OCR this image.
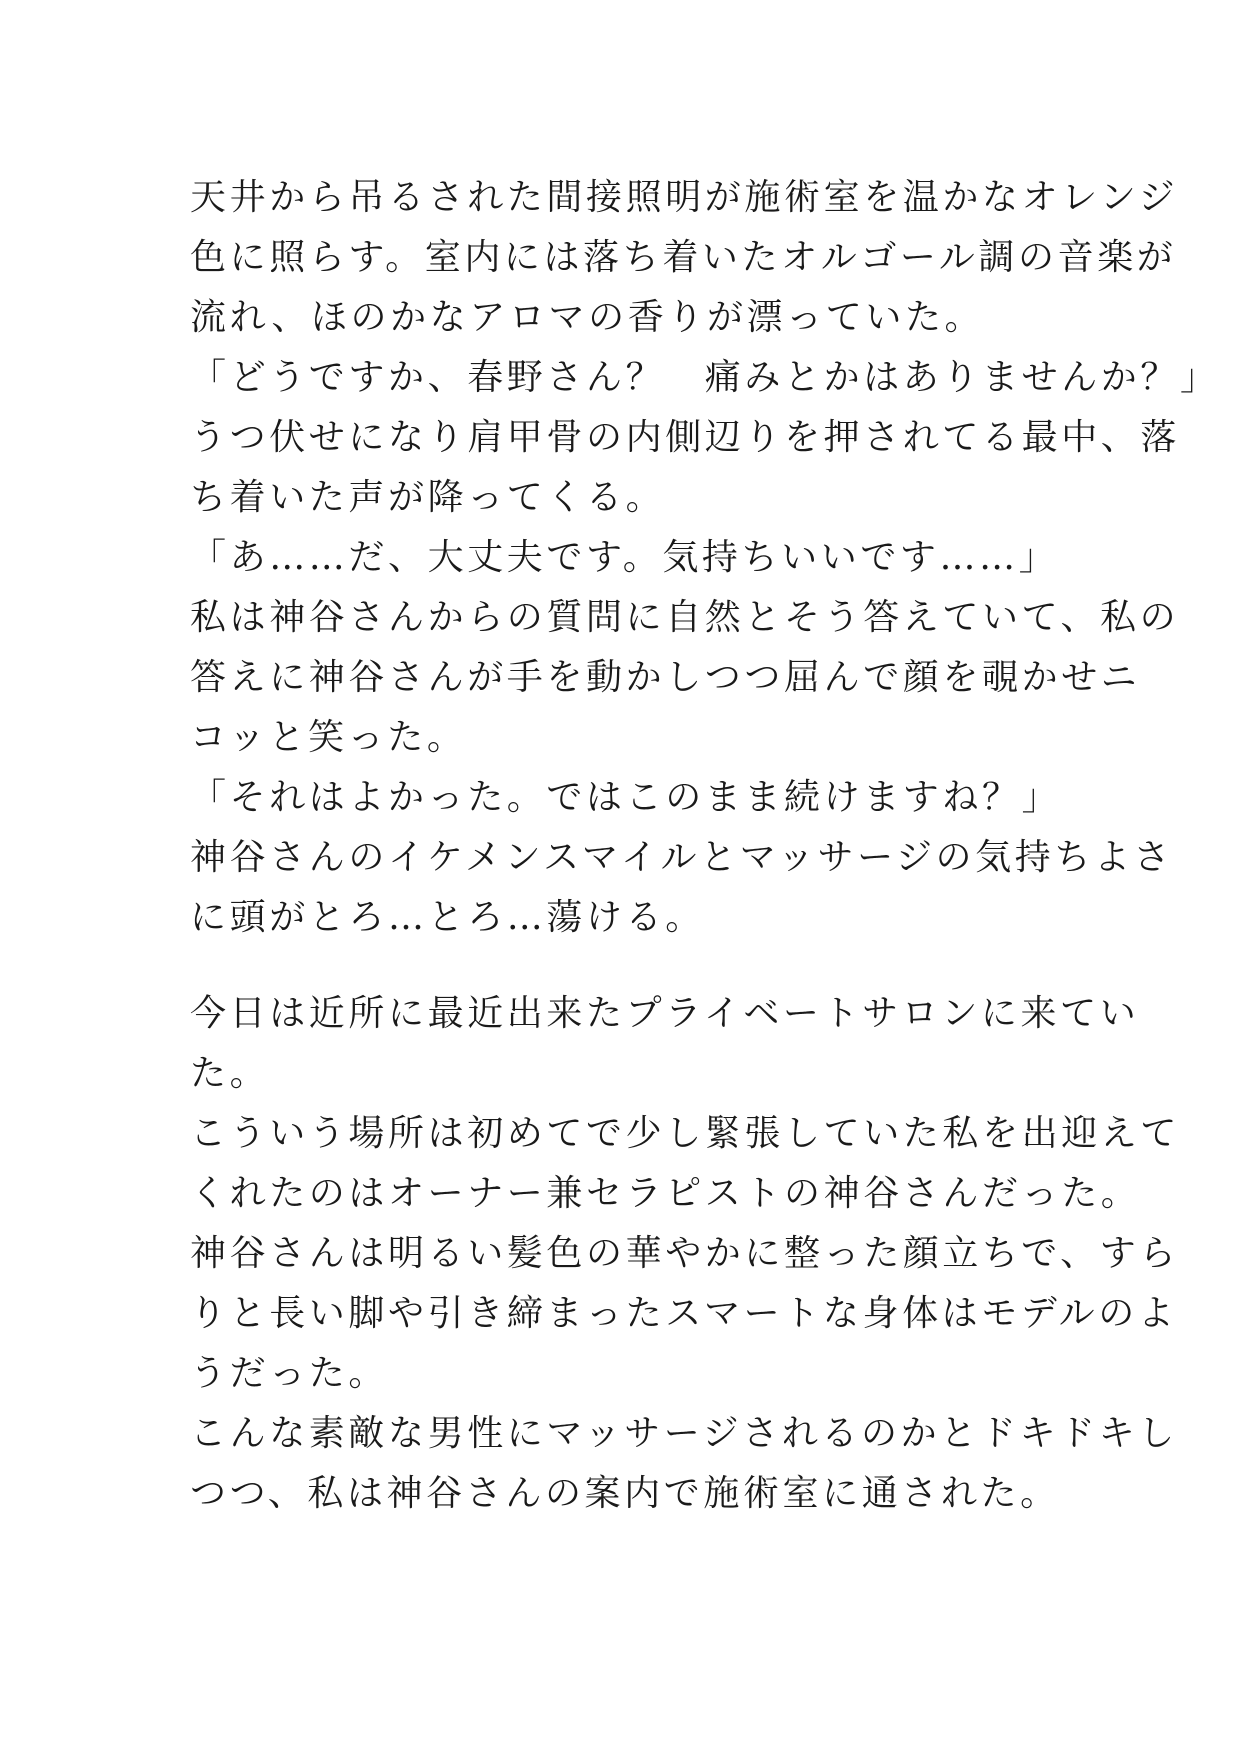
天井から吊るされた間接照明が施術室を温かなオレンジ
色に照らす。室内には落ち着いたオルゴール調の音楽が
流れ、ほのかなアロマの香りが漂っていた。
「どうですか、春野さん？　痛みとかはありませんか？」
うつ伏せになり肩甲骨の内側辺りを押されてる最中、落
ち着いた声が降ってくる。
「あ……だ、大丈夫です。気持ちいいです……」
私は神谷さんからの質問に自然とそう答えていて、私の
答えに神谷さんが手を動かしつつ屈んで顔を覗かせニ
コッと笑った。
「それはよかった。ではこのまま続けますね？」
神谷さんのイケメンスマイルとマッサージの気持ちよさ
に頭がとろ…とろ…蕩ける。
今日は近所に最近出来たプライベートサロンに来てい
た。
こういう場所は初めてで少し緊張していた私を出迎えて
くれたのはオーナー兼セラピストの神谷さんだった。
神谷さんは明るい髪色の華やかに整った顔立ちで、すら
りと長い脚や引き締まったスマートな身体はモデルのよ
うだった。
こんな素敵な男性にマッサージされるのかとドキドキし
つつ、私は神谷さんの案内で施術室に通された。
